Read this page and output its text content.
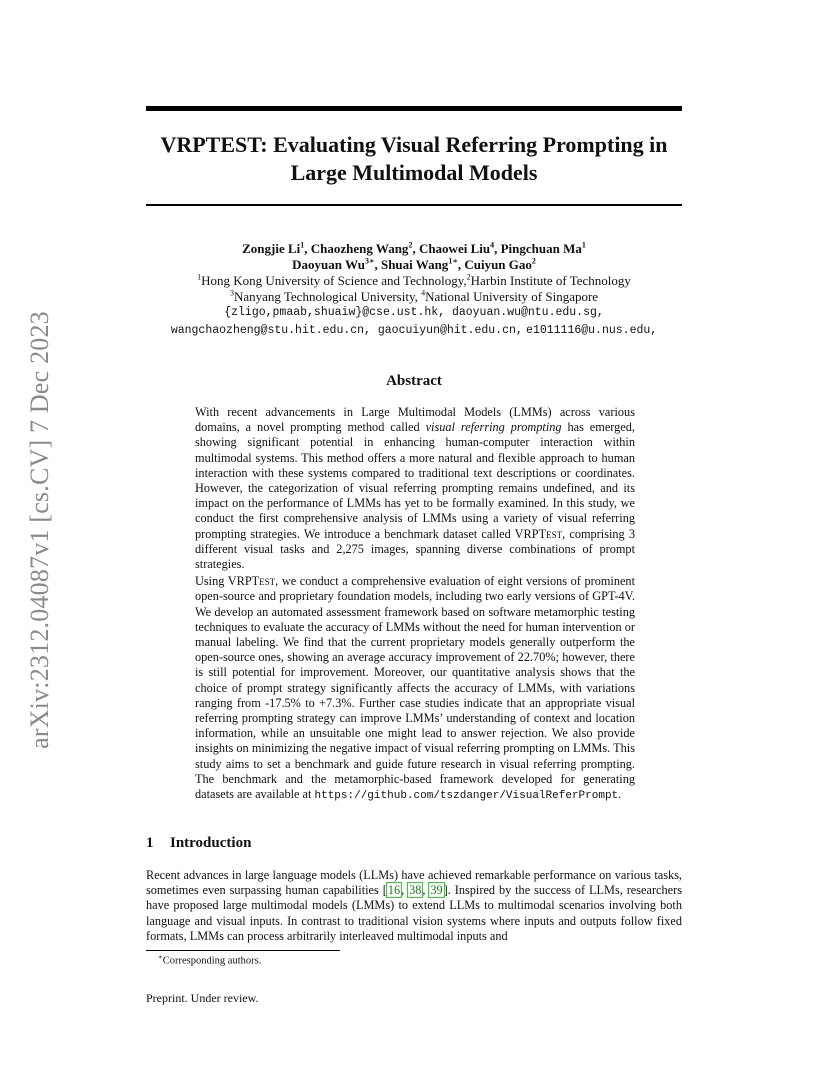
arXiv:2312.04087v1 [cs.CV] 7 Dec 2023
VRPTEST: Evaluating Visual Referring Prompting in
Large Multimodal Models
Zongjie Li$^1$, Chaozheng Wang$^2$, Chaowei Liu$^4$, Pingchuan Ma$^1$
Daoyuan $Wu^{3∗}$, Shuai Wang$^{1∗}$, Cuiyun Gao$^2$
$^1$Hong Kong University of Science and Technology,$^2$Harbin Institute of Technology
$^3$Nanyang Technological University, $^4$National University of Singapore
{zligo,pmaab,shuaiw}@cse.ust.hk, daoyuan.wu@ntu.edu.sg,
wangchaozheng@stu.hit.edu.cn, gaocuiyun@hit.edu.cn, e1011116@u.nus.edu,
Abstract

With recent advancements in Large Multimodal Models (LMMs) across various domains, a novel prompting method called visual referring prompting has emerged, showing significant potential in enhancing human-computer interaction within multimodal systems. This method offers a more natural and flexible approach to human interaction with these systems compared to traditional text descriptions or coordinates. However, the categorization of visual referring prompting remains undefined, and its impact on the performance of LMMs has yet to be formally examined. In this study, we conduct the first comprehensive analysis of LMMs using a variety of visual referring prompting strategies. We introduce a benchmark dataset called VRPTest, comprising 3 different visual tasks and 2,275 images, spanning diverse combinations of prompt strategies.

Using VRPTest, we conduct a comprehensive evaluation of eight versions of prominent open-source and proprietary foundation models, including two early versions of GPT-4V. We develop an automated assessment framework based on software metamorphic testing techniques to evaluate the accuracy of LMMs without the need for human intervention or manual labeling. We find that the current proprietary models generally outperform the open-source ones, showing an average accuracy improvement of 22.70%; however, there is still potential for improvement. Moreover, our quantitative analysis shows that the choice of prompt strategy significantly affects the accuracy of LMMs, with variations ranging from -17.5% to +7.3%. Further case studies indicate that an appropriate visual referring prompting strategy can improve LMMs’ understanding of context and location information, while an unsuitable one might lead to answer rejection. We also provide insights on minimizing the negative impact of visual referring prompting on LMMs. This study aims to set a benchmark and guide future research in visual referring prompting. The benchmark and the metamorphic-based framework developed for generating datasets are available at https://github.com/tszdanger/VisualReferPrompt.

1 Introduction

Recent advances in large language models (LLMs) have achieved remarkable performance on various tasks, sometimes even surpassing human capabilities [16, 38, 39]. Inspired by the success of LLMs, researchers have proposed large multimodal models (LMMs) to extend LLMs to multimodal scenarios involving both language and visual inputs. In contrast to traditional vision systems where inputs and outputs follow fixed formats, LMMs can process arbitrarily interleaved multimodal inputs and

∗Corresponding authors.
Preprint. Under review.
